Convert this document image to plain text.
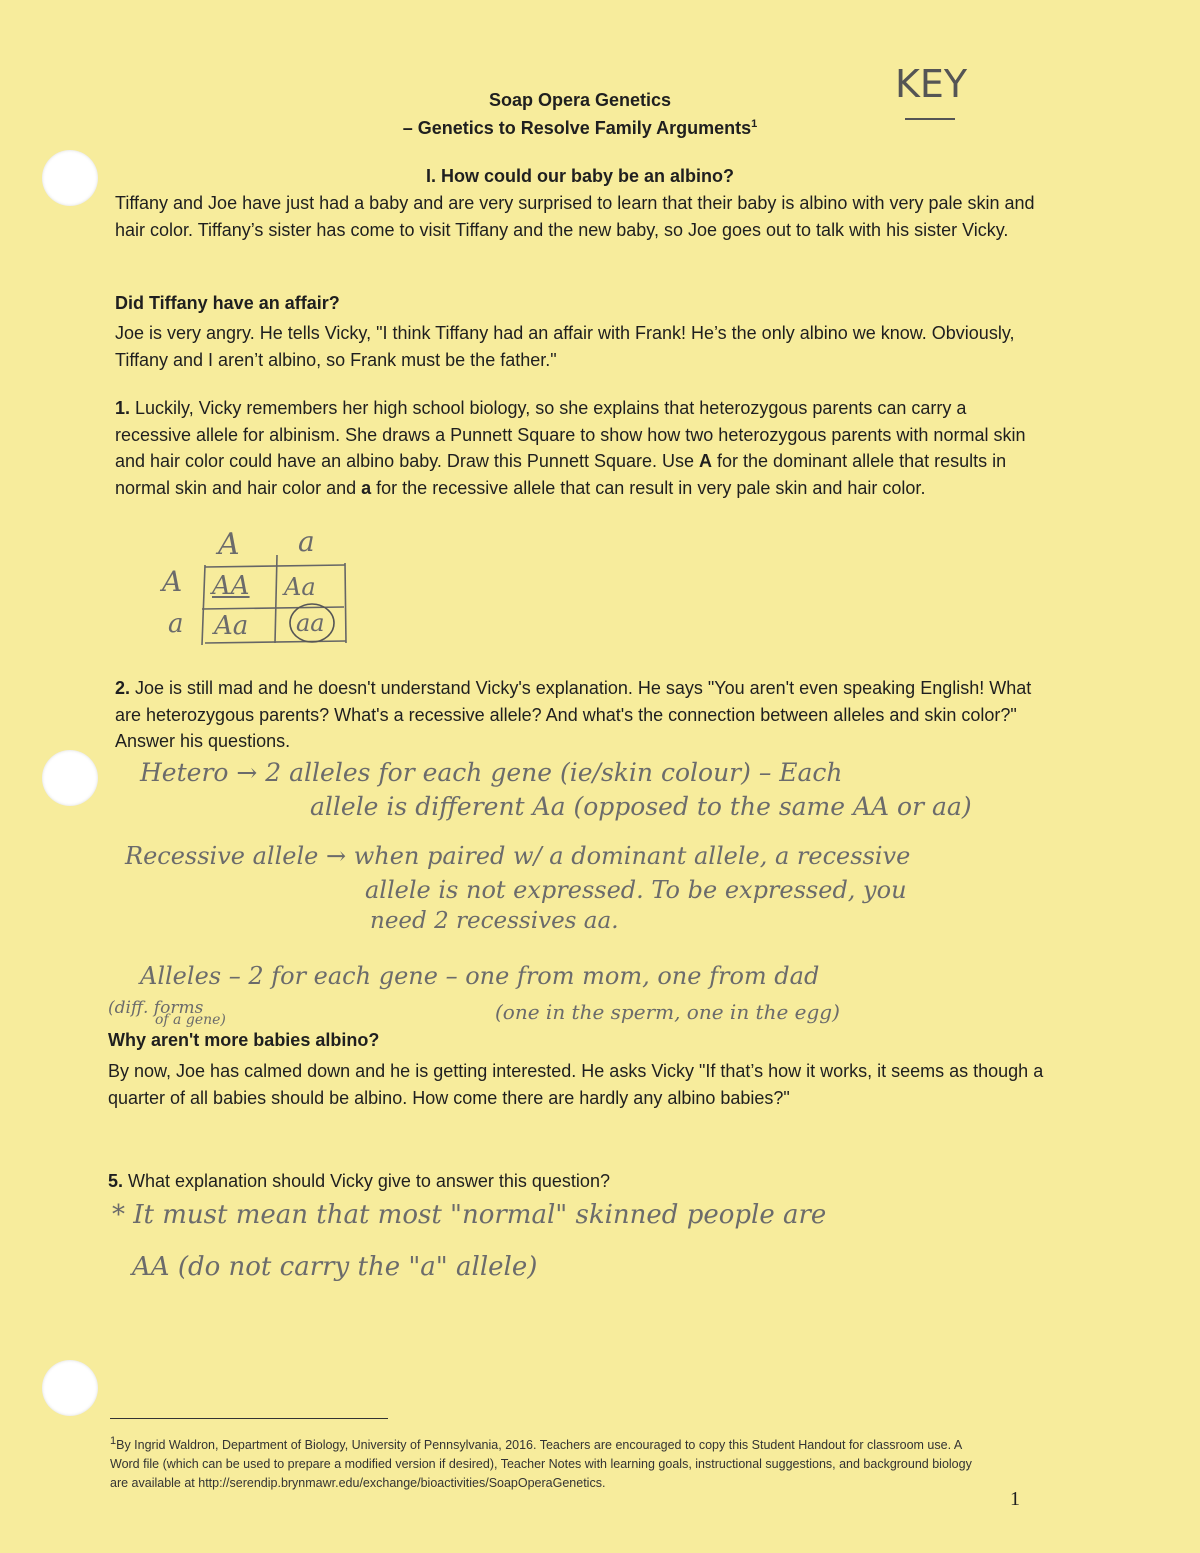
KEY
Soap Opera Genetics
– Genetics to Resolve Family Arguments$^1$
I. How could our baby be an albino?
Tiffany and Joe have just had a baby and are very surprised to learn that their baby is albino with very pale skin and hair color. Tiffany’s sister has come to visit Tiffany and the new baby, so Joe goes out to talk with his sister Vicky.
Did Tiffany have an affair?
Joe is very angry. He tells Vicky, "I think Tiffany had an affair with Frank! He’s the only albino we know. Obviously, Tiffany and I aren’t albino, so Frank must be the father."
1. Luckily, Vicky remembers her high school biology, so she explains that heterozygous parents can carry a recessive allele for albinism. She draws a Punnett Square to show how two heterozygous parents with normal skin and hair color could have an albino baby. Draw this Punnett Square. Use A for the dominant allele that results in normal skin and hair color and a for the recessive allele that can result in very pale skin and hair color.
A a
A
a
AA Aa
Aa aa
2. Joe is still mad and he doesn't understand Vicky's explanation. He says "You aren't even speaking English! What are heterozygous parents? What's a recessive allele? And what's the connection between alleles and skin color?" Answer his questions.
Hetero → 2 alleles for each gene (ie/skin colour) – Each
allele is different Aa (opposed to the same AA or aa)
Recessive allele → when paired w/ a dominant allele, a recessive
allele is not expressed. To be expressed, you
need 2 recessives aa.
Alleles – 2 for each gene – one from mom, one from dad
(diff. forms
of a gene)	(one in the sperm, one in the egg)
Why aren't more babies albino?
By now, Joe has calmed down and he is getting interested. He asks Vicky "If that’s how it works, it seems as though a quarter of all babies should be albino. How come there are hardly any albino babies?"
5. What explanation should Vicky give to answer this question?
* It must mean that most "normal" skinned people are
AA (do not carry the "a" allele)
$^1$By Ingrid Waldron, Department of Biology, University of Pennsylvania, 2016. Teachers are encouraged to copy this Student Handout for classroom use. A Word file (which can be used to prepare a modified version if desired), Teacher Notes with learning goals, instructional suggestions, and background biology are available at http://serendip.brynmawr.edu/exchange/bioactivities/SoapOperaGenetics.
1
